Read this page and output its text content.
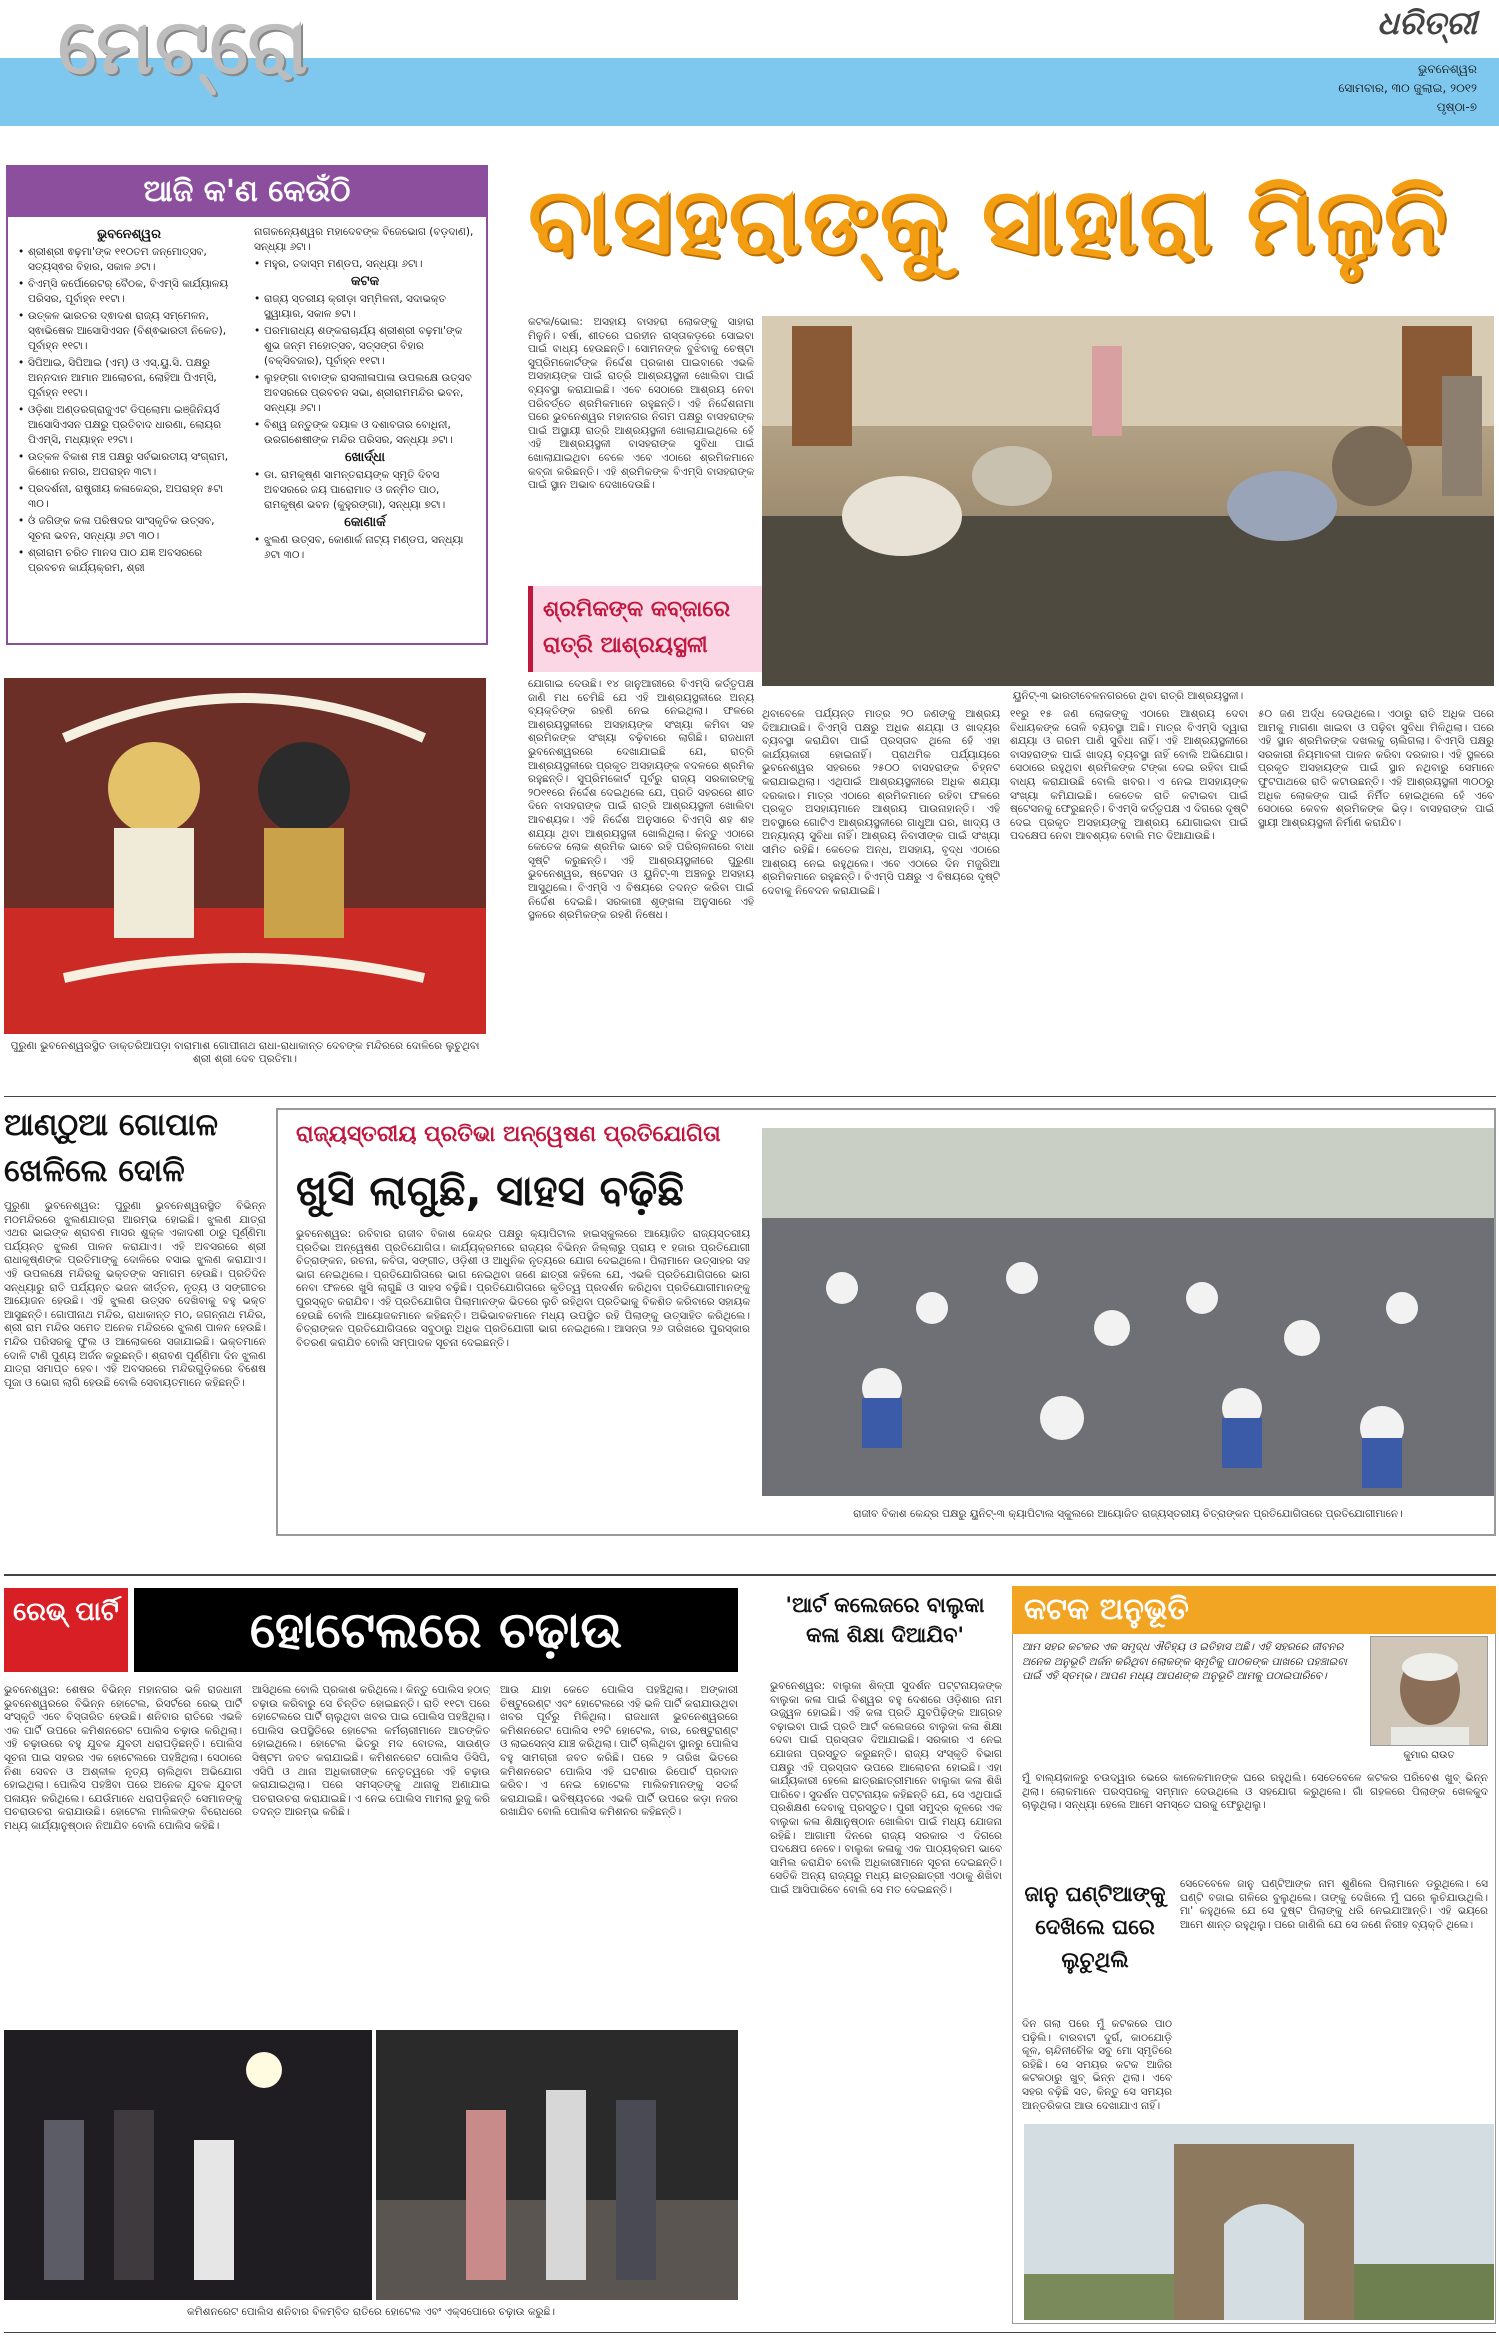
ମେଟ୍ରୋ	ଧରିତ୍ରୀ
ଭୁବନେଶ୍ୱର
ସୋମବାର, ୩୦ ଜୁଲାଇ, ୨୦୧୨
ପୃଷ୍ଠା-୭
ଆଜି କ'ଣ କେଉଁଠି
ଭୁବନେଶ୍ୱର
• ଶ୍ରୀଶ୍ରୀ ଵଢ଼ମା'ଙ୍କ ୧୧୦ତମ ଜନ୍ମୋତ୍ସବ, ସତ୍ୟସ୍ଵର ବିହାର, ସକାଳ ୬ଟା।
• ବିଏମ୍‌ସି କର୍ପୋରେଟର୍ ବୈଠକ, ବିଏମ୍‌ସି କାର୍ଯ୍ୟାଳୟ ପରିସର, ପୂର୍ବାହ୍ନ ୧୧ଟା।
• ଉତ୍କଳ ଭାରତର ଦ୍ଵାଦଶ ରାଜ୍ୟ ସମ୍ମେଳନ, ସ୍ଵାଭିଷେକ ଆସୋସିଏସନ (ବିଶ୍ଵଭାରତୀ ନିକେତ), ପୂର୍ବାହ୍ନ ୧୧ଟା।
• ସିପିଆଇ, ସିପିଆଇ (ଏମ୍) ଓ ଏସ୍.ୟୁ.ସି. ପକ୍ଷରୁ ଅନ୍ନଦାନ ଆମାନ ଆଲୋଚନା, ଲୋହିଆ ପିଏମ୍‌ସି, ପୂର୍ବାହ୍ନ ୧୧ଟା।
• ଓଡ଼ିଶା ଅଣ୍ଡରଗ୍ରାଜୁଏଟ ଡିପ୍ଲୋମା ଇଞ୍ଜିନିୟର୍ସ ଆସୋସିଏସନ ପକ୍ଷରୁ ପ୍ରତିବାଦ ଧାରଣା, ଲୋୟର ପିଏମ୍‌ସି, ମଧ୍ୟାହ୍ନ ୧୨ଟା।
• ଉତ୍କଳ ବିକାଶ ମଞ୍ଚ ପକ୍ଷରୁ ସର୍ବଭାରତୀୟ ସଂଗ୍ରାମ, କିଶୋର ନଗର, ଅପରାହ୍ନ ୩ଟା।
• ପ୍ରଦର୍ଶନୀ, ରାଷ୍ଟ୍ରୀୟ କଳାକେନ୍ଦ୍ର, ଅପରାହ୍ନ ୫ଟା ୩୦।
• ଓଁ ଜଗିଙ୍କ କଳା ପରିଷଦର ସାଂସ୍କୃତିକ ଉତ୍ସବ, ସୂଚନା ଭବନ, ସନ୍ଧ୍ୟା ୬ଟା ୩୦।
• ଶ୍ରୀରାମ ଚରିତ ମାନସ ପାଠ ଯଜ୍ଞ ଅବସରରେ ପ୍ରବଚନ କାର୍ଯ୍ୟକ୍ରମ, ଶ୍ରୀ
ନାଗକନ୍ୟେଶ୍ୱର ମହାଦେବଙ୍କ ବିଜେଭୋଗ (ବଡ଼ଦାଣ), ସନ୍ଧ୍ୟା ୬ଟା।
• ମହୁର, ତଦାସ୍ମ ମଣ୍ଡପ, ସନ୍ଧ୍ୟା ୬ଟା।
କଟକ
• ରାଜ୍ୟ ସ୍ତରୀୟ କ୍ରୀଡ଼ା ସମ୍ମିଳନୀ, ସଦାଭକ୍ତ ସ୍କ୍ୱାୟାର, ସକାଳ ୭ଟା।
• ପରମାରାଧ୍ୟ ଶଙ୍କରାଚାର୍ଯ୍ୟ ଶ୍ରୀଶ୍ରୀ ବଢ଼ମା'ଙ୍କ ଶୁଭ ଜନ୍ମ ମହୋତ୍ସବ, ସତ୍ସଙ୍ଗ ବିହାର (ବକ୍ସିବଜାର), ପୂର୍ବାହ୍ନ ୧୧ଟା।
• ଲୁହଙ୍ଗା ବାବାଙ୍କ ରାସଲୀଳାପାଳା ଉପଲକ୍ଷେ ଉତ୍ସବ ଅବସରରେ ପ୍ରବଚନ ସଭା, ଶ୍ରୀରାମମନ୍ଦିର ଭବନ, ସନ୍ଧ୍ୟା ୬ଟା।
• ବିଶ୍ୱ ଜନ୍ତୁଙ୍କ ଦୟାଳ ଓ ଦଶାବତାର ବୋଧିନୀ, ଉରଗଶେଷୀଙ୍କ ମନ୍ଦିର ପରିସର, ସନ୍ଧ୍ୟା ୬ଟା।
ଖୋର୍ଦ୍ଧା
• ଡା. ରାମକୃଷ୍ଣ ସାମନ୍ତରାୟଙ୍କ ସ୍ମୃତି ଦିବସ ଅବସରରେ ଜୟ ପାରୋମାତ ଓ ଜନ୍ମିତ ପାଠ, ରାମକୃଷ୍ଣ ଭବନ (କୁହୁରଙ୍ଗା), ସନ୍ଧ୍ୟା ୭ଟା।
କୋଣାର୍କ
• ଝୁଲଣ ଉତ୍ସବ, କୋଣାର୍କ ନାଟ୍ୟ ମଣ୍ଡପ, ସନ୍ଧ୍ୟା ୬ଟା ୩୦।
ବାସହରାଙ୍କୁ ସାହାରା ମିଳୁନି
କଟକ/ଭୋଲ: ଅସହାୟ ବାସହରା ଲୋକଙ୍କୁ ସାହାରା ମିଳୁନି। ବର୍ଷା, ଶୀତରେ ଘରହୀନ ରାସ୍ତାକଡ଼ରେ ସୋଇବା ପାଇଁ ବାଧ୍ୟ ହେଉଛନ୍ତି। ସୋମନଙ୍କ ବୁଝିବାକୁ ଚେଷ୍ଟା ସୁପ୍ରିମକୋର୍ଟଙ୍କ ନିର୍ଦ୍ଦେଶ ପ୍ରକାଶ ପାଇବାରେ ଏଭଳି ଅସହାୟଙ୍କ ପାଇଁ ରାତ୍ରି ଆଶ୍ରୟସ୍ଥଳୀ ଖୋଲିବା ପାଇଁ ବ୍ୟବସ୍ଥା କରାଯାଇଛି। ଏବେ ସେଠାରେ ଆଶ୍ରୟ ନେବା ପରିବର୍ତ୍ତେ ଶ୍ରମିକମାନେ ରହୁଛନ୍ତି। ଏହି ନିର୍ଦ୍ଦେଶନାମା ପରେ ଭୁବନେଶ୍ୱର ମହାନଗର ନିଗମ ପକ୍ଷରୁ ବାସହରାଙ୍କ ପାଇଁ ଅସ୍ଥାୟୀ ରାତ୍ରି ଆଶ୍ରୟସ୍ଥଳୀ ଖୋଲାଯାଇଥିଲେ ହେଁ ଏହି ଆଶ୍ରୟସ୍ଥଳୀ ବାସହରାଙ୍କ ସୁବିଧା ପାଇଁ ଖୋଲାଯାଇଥିବା ବେଳେ ଏବେ ଏଠାରେ ଶ୍ରମିକମାନେ କବ୍‌ଜା କରିଛନ୍ତି। ଏହି ଶ୍ରମିକଙ୍କ ବିଏମ୍‌ସି ବାସହରାଙ୍କ ପାଇଁ ସ୍ଥାନ ଅଭାବ ଦେଖାଦେଉଛି।
ଶ୍ରମିକଙ୍କ କବ୍‌ଜାରେ ରାତ୍ରି ଆଶ୍ରୟସ୍ଥଳୀ
ୟୁନିଟ୍-୩ ଭାରତୀବେଳନଗରରେ ଥିବା ରାତ୍ରି ଆଶ୍ରୟସ୍ଥଳୀ।
ଯୋଗାଇ ଦେଉଛି। ୧୪ ଜାନୁଆରୀରେ ବିଏମ୍‌ସି କର୍ତ୍ତୃପକ୍ଷ ଜାଣି ମଧ ଚେମିଛି ଯେ ଏହି ଆଶ୍ରୟସ୍ଥଳୀରେ ଅନ୍ୟ ବ୍ୟକ୍ତିଙ୍କ ରହଣି ନେଇ ନେଇଥିଲା। ଫଳରେ ଆଶ୍ରୟସ୍ଥଳୀରେ ଅସହାୟଙ୍କ ସଂଖ୍ୟା କମିବା ସହ ଶ୍ରମିକଙ୍କ ସଂଖ୍ୟା ବଢ଼ିବାରେ ଲାଗିଛି। ରାଜଧାନୀ ଭୁବନେଶ୍ୱରରେ ଦେଖାଯାଇଛି ଯେ, ରାତ୍ରି ଆଶ୍ରୟସ୍ଥଳୀରେ ପ୍ରକୃତ ଅସହାୟଙ୍କ ବଦଳରେ ଶ୍ରମିକ ରହୁଛନ୍ତି। ସୁପ୍ରିମକୋର୍ଟ ପୂର୍ବରୁ ରାଜ୍ୟ ସରକାରଙ୍କୁ ୨୦୧୧ରେ ନିର୍ଦ୍ଦେଶ ଦେଇଥିଲେ ଯେ, ପ୍ରତି ସହରରେ ଶୀତ ଦିନେ ବାସହରାଙ୍କ ପାଇଁ ରାତ୍ରି ଆଶ୍ରୟସ୍ଥଳୀ ଖୋଲିବା ଆବଶ୍ୟକ। ଏହି ନିର୍ଦ୍ଦେଶ ଅନୁସାରେ ବିଏମ୍‌ସି ଶହ ଶହ ଶଯ୍ୟା ଥିବା ଆଶ୍ରୟସ୍ଥଳୀ ଖୋଲିଥିଲା। କିନ୍ତୁ ଏଠାରେ କେତେକ ଲୋକ ଶ୍ରମିକ ଭାବେ ରହି ପରିଚାଳନାରେ ବାଧା ସୃଷ୍ଟି କରୁଛନ୍ତି। ଏହି ଆଶ୍ରୟସ୍ଥଳୀରେ ପୁରୁଣା ଭୁବନେଶ୍ୱର, ଷ୍ଟେସନ ଓ ୟୁନିଟ୍-୩ ଅଞ୍ଚଳରୁ ଅସହାୟ ଆସୁଥିଲେ। ବିଏମ୍‌ସି ଏ ବିଷୟରେ ତଦନ୍ତ କରିବା ପାଇଁ ନିର୍ଦ୍ଦେଶ ଦେଇଛି। ସରକାରୀ ଶୃଙ୍ଖଳା ଅନୁସାରେ ଏହି ସ୍ଥଳରେ ଶ୍ରମିକଙ୍କ ରହଣି ନିଷେଧ।
ଥିବାବେଳେ ପର୍ଯ୍ୟନ୍ତ ମାତ୍ର ୨୦ ଜଣଙ୍କୁ ଆଶ୍ରୟ ଦିଆଯାଉଛି। ବିଏମ୍‌ସି ପକ୍ଷରୁ ଅଧିକ ଶଯ୍ୟା ଓ ଖାଦ୍ୟର ବ୍ୟବସ୍ଥା କରାଯିବା ପାଇଁ ପ୍ରସ୍ତାବ ଥିଲେ ହେଁ ଏହା କାର୍ଯ୍ୟକାରୀ ହୋଇନାହିଁ। ପ୍ରାଥମିକ ପର୍ଯ୍ୟାୟରେ ଭୁବନେଶ୍ୱର ସହରରେ ୨୫୦୦ ବାସହରାଙ୍କ ଚିହ୍ନଟ କରାଯାଇଥିଲା। ଏଥିପାଇଁ ଆଶ୍ରୟସ୍ଥଳୀରେ ଅଧିକ ଶଯ୍ୟା ଦରକାର। ମାତ୍ର ଏଠାରେ ଶ୍ରମିକମାନେ ରହିବା ଫଳରେ ପ୍ରକୃତ ଅସହାୟମାନେ ଆଶ୍ରୟ ପାଉନାହାନ୍ତି। ଏହି ଅବସ୍ଥାରେ ଗୋଟିଏ ଆଶ୍ରୟସ୍ଥଳୀରେ ଗାଧୁଆ ଘର, ଖାଦ୍ୟ ଓ ଅନ୍ୟାନ୍ୟ ସୁବିଧା ନାହିଁ। ଆଶ୍ରୟ ନିବାସୀଙ୍କ ପାଇଁ ସଂଖ୍ୟା ସୀମିତ ରହିଛି। କେତେକ ଅନ୍ଧ, ଅସହାୟ, ବୃଦ୍ଧ ଏଠାରେ ଆଶ୍ରୟ ନେଇ ରହୁଥିଲେ। ଏବେ ଏଠାରେ ଦିନ ମଜୁରିଆ ଶ୍ରମିକମାନେ ରହୁଛନ୍ତି। ବିଏମ୍‌ସି ପକ୍ଷରୁ ଏ ବିଷୟରେ ଦୃଷ୍ଟି ଦେବାକୁ ନିବେଦନ କରାଯାଇଛି।
୧୧ରୁ ୧୫ ଜଣ ଲୋକଙ୍କୁ ଏଠାରେ ଆଶ୍ରୟ ଦେବା ବିଧାୟକଙ୍କ ତୋଳି ବ୍ୟବସ୍ଥା ଅଛି। ମାତ୍ର ବିଏମ୍‌ସି ଦ୍ୱାରା ଶଯ୍ୟା ଓ ଗରମ ପାଣି ସୁବିଧା ନାହିଁ। ଏହି ଆଶ୍ରୟସ୍ଥଳୀରେ ବାସହରାଙ୍କ ପାଇଁ ଖାଦ୍ୟ ବ୍ୟବସ୍ଥା ନାହିଁ ବୋଲି ଅଭିଯୋଗ। ସେଠାରେ ରହୁଥିବା ଶ୍ରମିକଙ୍କ ଟଙ୍କା ଦେଇ ରହିବା ପାଇଁ ବାଧ୍ୟ କରାଯାଉଛି ବୋଲି ଖବର। ଏ ନେଇ ଅସହାୟଙ୍କ ସଂଖ୍ୟା କମିଯାଇଛି। କେତେକ ରାତି କଟାଇବା ପାଇଁ ଷ୍ଟେସନକୁ ଫେରୁଛନ୍ତି। ବିଏମ୍‌ସି କର୍ତ୍ତୃପକ୍ଷ ଏ ଦିଗରେ ଦୃଷ୍ଟି ଦେଇ ପ୍ରକୃତ ଅସହାୟଙ୍କୁ ଆଶ୍ରୟ ଯୋଗାଇବା ପାଇଁ ପଦକ୍ଷେପ ନେବା ଆବଶ୍ୟକ ବୋଲି ମତ ଦିଆଯାଉଛି।
୫୦ ଜଣ ଅର୍ଦ୍ଧ ଦେଉଥିଲେ। ଏଠାରୁ ରାତି ଅଧିକ ପରେ ଆମକୁ ମାଗଣା ଖାଇବା ଓ ପଢ଼ିବା ସୁବିଧା ମିଳିଥିଲା। ପରେ ଏହି ସ୍ଥାନ ଶ୍ରମିକଙ୍କ ଦଖଲକୁ ଚାଲିଗଲା। ବିଏମ୍‌ସି ପକ୍ଷରୁ ସରକାରୀ ନିୟମାବଳୀ ପାଳନ କରିବା ଦରକାର। ଏହି ସ୍ଥଳରେ ପ୍ରକୃତ ଅସହାୟଙ୍କ ପାଇଁ ସ୍ଥାନ ନଥିବାରୁ ସେମାନେ ଫୁଟପାଥରେ ରାତି କଟାଉଛନ୍ତି। ଏହି ଆଶ୍ରୟସ୍ଥଳୀ ୩୦୦ରୁ ଅଧିକ ଲୋକଙ୍କ ପାଇଁ ନିର୍ମିତ ହୋଇଥିଲେ ହେଁ ଏବେ ସେଠାରେ କେବଳ ଶ୍ରମିକଙ୍କ ଭିଡ଼। ବାସହରାଙ୍କ ପାଇଁ ସ୍ଥାୟୀ ଆଶ୍ରୟସ୍ଥଳୀ ନିର୍ମାଣ କରାଯିବ।
ପୁରୁଣା ଭୁବନେଶ୍ୱରସ୍ଥିତ ଡାକ୍ତରିଆପଡ଼ା ବାରାମାଶ ଗୋପୀନାଥ ରାଧା-ରାଧାକାନ୍ତ ଦେବଙ୍କ ମନ୍ଦିରରେ ଦୋଳିରେ ଲୁଚୁଥିବା ଶ୍ରୀ ଶ୍ରୀ ଦେବ ପ୍ରତିମା।
ଆଣ୍ଠୁଆ ଗୋପାଳ ଖେଳିଲେ ଦୋଳି
ପୁରୁଣା ଭୁବନେଶ୍ୱର: ପୁରୁଣା ଭୁବନେଶ୍ୱରସ୍ଥିତ ବିଭିନ୍ନ ମଠମନ୍ଦିରରେ ଝୁଲଣଯାତ୍ରା ଆରମ୍ଭ ହୋଇଛି। ଝୁଲଣ ଯାତ୍ରା ଏଥର ଭାଇଙ୍କ ଶ୍ରାବଣ ମାସର ଶୁକ୍ଳ ଏକାଦଶୀ ଠାରୁ ପୂର୍ଣ୍ଣିମା ପର୍ଯ୍ୟନ୍ତ ଝୁଲଣ ପାଳନ କରାଯାଏ। ଏହି ଅବସରରେ ଶ୍ରୀ ରାଧାକୃଷ୍ଣଙ୍କ ପ୍ରତିମାଙ୍କୁ ଦୋଳିରେ ବସାଇ ଝୁଲଣ କରାଯାଏ। ଏହି ଉପଲକ୍ଷେ ମନ୍ଦିରକୁ ଭକ୍ତଙ୍କ ସମାଗମ ହେଉଛି। ପ୍ରତିଦିନ ସନ୍ଧ୍ୟାରୁ ରାତି ପର୍ଯ୍ୟନ୍ତ ଭଜନ କୀର୍ତ୍ତନ, ନୃତ୍ୟ ଓ ସଙ୍ଗୀତର ଆୟୋଜନ ହେଉଛି। ଏହି ଝୁଲଣ ଉତ୍ସବ ଦେଖିବାକୁ ବହୁ ଭକ୍ତ ଆସୁଛନ୍ତି। ଗୋପୀନାଥ ମନ୍ଦିର, ରାଧାକାନ୍ତ ମଠ, ଜଗନ୍ନାଥ ମନ୍ଦିର, ଶ୍ରୀ ରାମ ମନ୍ଦିର ସମେତ ଅନେକ ମନ୍ଦିରରେ ଝୁଲଣ ପାଳନ ହେଉଛି। ମନ୍ଦିର ପରିସରକୁ ଫୁଲ ଓ ଆଲୋକରେ ସଜାଯାଇଛି। ଭକ୍ତମାନେ ଦୋଳି ଟାଣି ପୁଣ୍ୟ ଅର୍ଜନ କରୁଛନ୍ତି। ଶ୍ରାବଣ ପୂର୍ଣ୍ଣିମା ଦିନ ଝୁଲଣ ଯାତ୍ରା ସମାପ୍ତ ହେବ। ଏହି ଅବସରରେ ମନ୍ଦିରଗୁଡ଼ିକରେ ବିଶେଷ ପୂଜା ଓ ଭୋଗ ଲାଗି ହେଉଛି ବୋଲି ସେବାୟତମାନେ କହିଛନ୍ତି।
ରାଜ୍ୟସ୍ତରୀୟ ପ୍ରତିଭା ଅନ୍ୱେଷଣ ପ୍ରତିଯୋଗିତା
ଖୁସି ଲାଗୁଛି, ସାହସ ବଢ଼ିଛି
ଭୁବନେଶ୍ୱର: ରବିବାର ରାଜୀବ ବିକାଶ କେନ୍ଦ୍ର ପକ୍ଷରୁ କ୍ୟାପିଟାଲ ହାଇସ୍କୁଲରେ ଆୟୋଜିତ ରାଜ୍ୟସ୍ତରୀୟ ପ୍ରତିଭା ଅନ୍ୱେଷଣ ପ୍ରତିଯୋଗିତା। କାର୍ଯ୍ୟକ୍ରମରେ ରାଜ୍ୟର ବିଭିନ୍ନ ଜିଲ୍ଲାରୁ ପ୍ରାୟ ୧ ହଜାର ପ୍ରତିଯୋଗୀ ଚିତ୍ରାଙ୍କନ, ରଚନା, କବିତା, ସଙ୍ଗୀତ, ଓଡ଼ିଶୀ ଓ ଆଧୁନିକ ନୃତ୍ୟରେ ଯୋଗ ଦେଇଥିଲେ। ପିଲାମାନେ ଉତ୍ସାହର ସହ ଭାଗ ନେଇଥିଲେ। ପ୍ରତିଯୋଗିତାରେ ଭାଗ ନେଇଥିବା ଜଣେ ଛାତ୍ରୀ କହିଲେ ଯେ, ଏଭଳି ପ୍ରତିଯୋଗିତାରେ ଭାଗ ନେବା ଫଳରେ ଖୁସି ଲାଗୁଛି ଓ ସାହସ ବଢ଼ିଛି। ପ୍ରତିଯୋଗିତାରେ କୃତିତ୍ୱ ପ୍ରଦର୍ଶନ କରିଥିବା ପ୍ରତିଯୋଗୀମାନଙ୍କୁ ପୁରସ୍କୃତ କରାଯିବ। ଏହି ପ୍ରତିଯୋଗିତା ପିଲାମାନଙ୍କ ଭିତରେ ଲୁଚି ରହିଥିବା ପ୍ରତିଭାକୁ ବିକଶିତ କରିବାରେ ସହାୟକ ହେଉଛି ବୋଲି ଆୟୋଜକମାନେ କହିଛନ୍ତି। ଅଭିଭାବକମାନେ ମଧ୍ୟ ଉପସ୍ଥିତ ରହି ପିଲାଙ୍କୁ ଉତ୍ସାହିତ କରିଥିଲେ। ଚିତ୍ରାଙ୍କନ ପ୍ରତିଯୋଗିତାରେ ସବୁଠାରୁ ଅଧିକ ପ୍ରତିଯୋଗୀ ଭାଗ ନେଇଥିଲେ। ଆସନ୍ତା ୨୬ ତାରିଖରେ ପୁରସ୍କାର ବିତରଣ କରାଯିବ ବୋଲି ସମ୍ପାଦକ ସୂଚନା ଦେଇଛନ୍ତି।
ରାଜୀବ ବିକାଶ କେନ୍ଦ୍ର ପକ୍ଷରୁ ୟୁନିଟ୍-୩ କ୍ୟାପିଟାଲ ସ୍କୁଲରେ ଆୟୋଜିତ ରାଜ୍ୟସ୍ତରୀୟ ଚିତ୍ରାଙ୍କନ ପ୍ରତିଯୋଗିତାରେ ପ୍ରତିଯୋଗୀମାନେ।
ରେଭ୍ ପାର୍ଟି	ହୋଟେଲରେ ଚଢ଼ାଉ
ଭୁବନେଶ୍ୱର: ଶେଷର ବିଭିନ୍ନ ମହାନଗର ଭଳି ରାଜଧାନୀ ଭୁବନେଶ୍ୱରରେ ବିଭିନ୍ନ ହୋଟେଲ, ରିସର୍ଟରେ ରେଭ୍ ପାର୍ଟି ସଂସ୍କୃତି ଏବେ ବିସ୍ତାରିତ ହେଉଛି। ଶନିବାର ରାତିରେ ଏଭଳି ଏକ ପାର୍ଟି ଉପରେ କମିଶନରେଟ ପୋଲିସ ଚଢ଼ାଉ କରିଥିଲା। ଏହି ଚଢ଼ାଉରେ ବହୁ ଯୁବକ ଯୁବତୀ ଧରାପଡ଼ିଛନ୍ତି। ପୋଲିସ ସୂଚନା ପାଇ ସହରର ଏକ ହୋଟେଲରେ ପହଞ୍ଚିଥିଲା। ସେଠାରେ ନିଶା ସେବନ ଓ ଅଶ୍ଳୀଳ ନୃତ୍ୟ ଚାଲିଥିବା ଅଭିଯୋଗ ହୋଇଥିଲା। ପୋଲିସ ପହଞ୍ଚିବା ପରେ ଅନେକ ଯୁବକ ଯୁବତୀ ପଳାୟନ କରିଥିଲେ। ଯେଉଁମାନେ ଧରାପଡ଼ିଛନ୍ତି ସେମାନଙ୍କୁ ପଚରାଉଚରା କରାଯାଉଛି। ହୋଟେଲ ମାଲିକଙ୍କ ବିରୋଧରେ ମଧ୍ୟ କାର୍ଯ୍ୟାନୁଷ୍ଠାନ ନିଆଯିବ ବୋଲି ପୋଲିସ କହିଛି।
ଆସିଥିଲେ ବୋଲି ପ୍ରକାଶ କରିଥିଲେ। କିନ୍ତୁ ପୋଲିସ ହଠାତ୍ ଚଢ଼ାଉ କରିବାରୁ ସେ ଚିନ୍ତିତ ହୋଇଛନ୍ତି। ରାତି ୧୧ଟା ପରେ ହୋଟେଲରେ ପାର୍ଟି ଚାଲୁଥିବା ଖବର ପାଇ ପୋଲିସ ପହଞ୍ଚିଥିଲା। ପୋଲିସ ଉପସ୍ଥିତିରେ ହୋଟେଲ କର୍ମଚାରୀମାନେ ଆତଙ୍କିତ ହୋଇଥିଲେ। ହୋଟେଲ ଭିତରୁ ମଦ ବୋତଲ, ସାଉଣ୍ଡ ସିଷ୍ଟମ ଜବତ କରାଯାଇଛି। କମିଶନରେଟ ପୋଲିସ ଡିସିପି, ଏସିପି ଓ ଥାନା ଅଧିକାରୀଙ୍କ ନେତୃତ୍ୱରେ ଏହି ଚଢ଼ାଉ କରାଯାଇଥିଲା। ପରେ ସମସ୍ତଙ୍କୁ ଥାନାକୁ ଅଣାଯାଇ ପଚରାଉଚରା କରାଯାଇଛି। ଏ ନେଇ ପୋଲିସ ମାମଲା ରୁଜୁ କରି ତଦନ୍ତ ଆରମ୍ଭ କରିଛି।
ଆଉ ଯାହା କେତେ ପୋଲିସ ପହଞ୍ଚିଥିଲା। ଅଙ୍କାରୀ ଚିଷ୍ଟୁରେଣ୍ଟ ଏବଂ ହୋଟେଲରେ ଏହି ଭଳି ପାର୍ଟି କରାଯାଉଥିବା ଖବର ପୂର୍ବରୁ ମିଳିଥିଲା। ରାଜଧାନୀ ଭୁବନେଶ୍ୱରରେ କମିଶନରେଟ ପୋଲିସ ୧୨ଟି ହୋଟେଲ, ବାର, ରେଷ୍ଟୁରାଣ୍ଟ ଓ ଲାଇସେନ୍ସ ଯାଞ୍ଚ କରିଥିଲା। ପାର୍ଟି ଚାଲିଥିବା ସ୍ଥାନରୁ ପୋଲିସ ବହୁ ସାମଗ୍ରୀ ଜବତ କରିଛି। ପରେ ୨ ତାରିଖ ଭିତରେ କମିଶନରେଟ ପୋଲିସ ଏହି ଘଟଣାର ରିପୋର୍ଟ ପ୍ରଦାନ କରିବ। ଏ ନେଇ ହୋଟେଲ ମାଲିକମାନଙ୍କୁ ସତର୍କ କରାଯାଇଛି। ଭବିଷ୍ୟତରେ ଏଭଳି ପାର୍ଟି ଉପରେ କଡ଼ା ନଜର ରଖାଯିବ ବୋଲି ପୋଲିସ କମିଶନର କହିଛନ୍ତି।
କମିଶନରେଟ ପୋଲିସ ଶନିବାର ବିଳମ୍ବିତ ରାତିରେ ହୋଟେଲ ଏବଂ ଏକ୍ସପୋରେ ଚଢ଼ାଉ କରୁଛି।
'ଆର୍ଟ କଲେଜରେ ବାଲୁକା କଳା ଶିକ୍ଷା ଦିଆଯିବ'
ଭୁବନେଶ୍ୱର: ବାଲୁକା ଶିଳ୍ପୀ ସୁଦର୍ଶନ ପଟ୍ଟନାୟକଙ୍କ ବାଲୁକା କଳା ପାଇଁ ବିଶ୍ୱର ବହୁ ଦେଶରେ ଓଡ଼ିଶାର ନାମ ଉଜ୍ଜ୍ୱଳ ହୋଇଛି। ଏହି କଳା ପ୍ରତି ଯୁବପିଢ଼ିଙ୍କ ଆଗ୍ରହ ବଢ଼ାଇବା ପାଇଁ ପ୍ରତି ଆର୍ଟ କଲେଜରେ ବାଲୁକା କଳା ଶିକ୍ଷା ଦେବା ପାଇଁ ପ୍ରସ୍ତାବ ଦିଆଯାଇଛି। ସରକାର ଏ ନେଇ ଯୋଜନା ପ୍ରସ୍ତୁତ କରୁଛନ୍ତି। ରାଜ୍ୟ ସଂସ୍କୃତି ବିଭାଗ ପକ୍ଷରୁ ଏହି ପ୍ରସ୍ତାବ ଉପରେ ଆଲୋଚନା ହୋଇଛି। ଏହା କାର୍ଯ୍ୟକାରୀ ହେଲେ ଛାତ୍ରଛାତ୍ରୀମାନେ ବାଲୁକା କଳା ଶିଖି ପାରିବେ। ସୁଦର୍ଶନ ପଟ୍ଟନାୟକ କହିଛନ୍ତି ଯେ, ସେ ଏଥିପାଇଁ ପ୍ରଶିକ୍ଷଣ ଦେବାକୁ ପ୍ରସ୍ତୁତ। ପୁରୀ ସମୁଦ୍ର କୂଳରେ ଏକ ବାଲୁକା କଳା ଶିକ୍ଷାନୁଷ୍ଠାନ ଖୋଲିବା ପାଇଁ ମଧ୍ୟ ଯୋଜନା ରହିଛି। ଆଗାମୀ ଦିନରେ ରାଜ୍ୟ ସରକାର ଏ ଦିଗରେ ପଦକ୍ଷେପ ନେବେ। ବାଲୁକା କଳାକୁ ଏକ ପାଠ୍ୟକ୍ରମ ଭାବେ ସାମିଲ କରାଯିବ ବୋଲି ଅଧିକାରୀମାନେ ସୂଚନା ଦେଇଛନ୍ତି। ସେତିକି ଅନ୍ୟ ରାଜ୍ୟରୁ ମଧ୍ୟ ଛାତ୍ରଛାତ୍ରୀ ଏଠାକୁ ଶିଖିବା ପାଇଁ ଆସିପାରିବେ ବୋଲି ସେ ମତ ଦେଇଛନ୍ତି।
କଟକ ଅନୁଭୂତି
ଆମ ସହର କଟକର ଏକ ସମୃଦ୍ଧ ଐତିହ୍ୟ ଓ ଇତିହାସ ଅଛି। ଏହି ସହରରେ ଜୀବନର ଅନେକ ଅନୁଭୂତି ଅର୍ଜନ କରିଥିବା ଲୋକଙ୍କ ସ୍ମୃତିକୁ ପାଠକଙ୍କ ପାଖରେ ପହଞ୍ଚାଇବା ପାଇଁ ଏହି ସ୍ତମ୍ଭ। ଆପଣ ମଧ୍ୟ ଆପଣଙ୍କ ଅନୁଭୂତି ଆମକୁ ପଠାଇପାରିବେ।
କୁମାର ରାଉତ
ମୁଁ ବାଲ୍ୟକାଳରୁ ଚଉଦ୍ୱାର ଭେରେ କାଳେକମାନଙ୍କ ଘରେ ରହୁଥିଲି। ସେତେବେଳେ କଟକର ପରିବେଶ ଖୁବ୍ ଭିନ୍ନ ଥିଲା। ଲୋକମାନେ ପରସ୍ପରକୁ ସମ୍ମାନ ଦେଉଥିଲେ ଓ ସହଯୋଗ କରୁଥିଲେ। ଗାଁ ଗହଳରେ ପିଲାଙ୍କ ଖେଳକୁଦ ଚାଲୁଥିଲା। ସନ୍ଧ୍ୟା ହେଲେ ଆମେ ସମସ୍ତେ ଘରକୁ ଫେରୁଥିଲୁ।
ଜାନୁ ଘଣ୍ଟିଆଙ୍କୁ ଦେଖିଲେ ଘରେ ଲୁଚୁଥିଲି
ସେତେବେଳେ ଜାନୁ ଘଣ୍ଟିଆଙ୍କ ନାମ ଶୁଣିଲେ ପିଲାମାନେ ଡରୁଥିଲେ। ସେ ଘଣ୍ଟି ବଜାଇ ଗଳିରେ ବୁଲୁଥିଲେ। ତାଙ୍କୁ ଦେଖିଲେ ମୁଁ ଘରେ ଲୁଚିଯାଉଥିଲି। ମା' କହୁଥିଲେ ଯେ ସେ ଦୁଷ୍ଟ ପିଲାଙ୍କୁ ଧରି ନେଇଯାଆନ୍ତି। ଏହି ଭୟରେ ଆମେ ଶାନ୍ତ ରହୁଥିଲୁ। ପରେ ଜାଣିଲି ଯେ ସେ ଜଣେ ନିରୀହ ବ୍ୟକ୍ତି ଥିଲେ।
ଦିନ ଗଲା ପରେ ମୁଁ କଟକରେ ପାଠ ପଢ଼ିଲି। ବାରବାଟୀ ଦୁର୍ଗ, କାଠଯୋଡ଼ି କୂଳ, ଚାନ୍ଦିନୀଚୌକ ସବୁ ମୋ ସ୍ମୃତିରେ ରହିଛି। ସେ ସମୟର କଟକ ଆଜିର କଟକଠାରୁ ଖୁବ୍ ଭିନ୍ନ ଥିଲା। ଏବେ ସହର ବଢ଼ିଛି ସତ, କିନ୍ତୁ ସେ ସମୟର ଆନ୍ତରିକତା ଆଉ ଦେଖାଯାଏ ନାହିଁ।
